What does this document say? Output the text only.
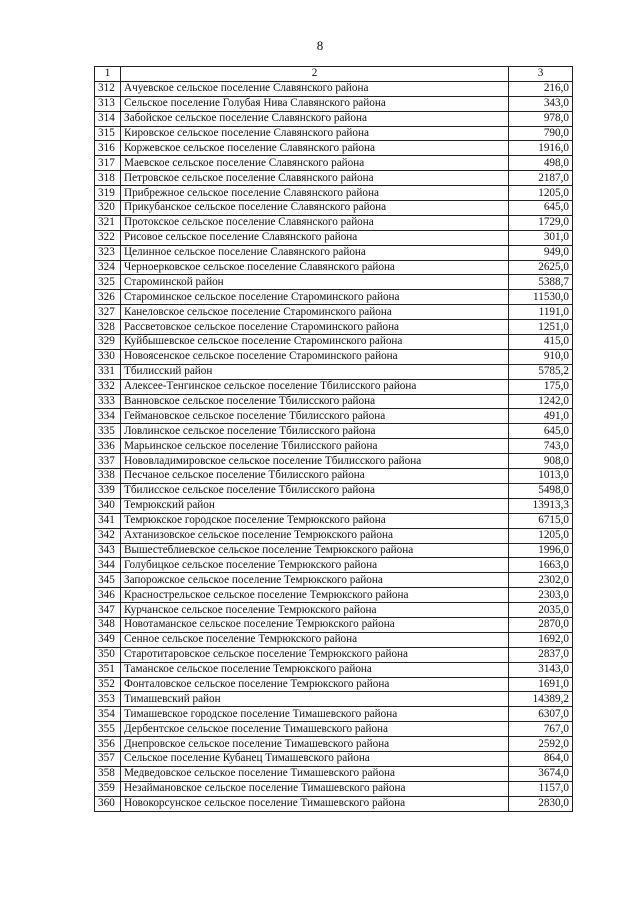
8
1	2	3
312	Ачуевское сельское поселение Славянского района	216,0
313	Сельское поселение Голубая Нива Славянского района	343,0
314	Забойское сельское поселение Славянского района	978,0
315	Кировское сельское поселение Славянского района	790,0
316	Коржевское сельское поселение Славянского района	1916,0
317	Маевское сельское поселение Славянского района	498,0
318	Петровское сельское поселение Славянского района	2187,0
319	Прибрежное сельское поселение Славянского района	1205,0
320	Прикубанское сельское поселение Славянского района	645,0
321	Протокское сельское поселение Славянского района	1729,0
322	Рисовое сельское поселение Славянского района	301,0
323	Целинное сельское поселение Славянского района	949,0
324	Черноерковское сельское поселение Славянского района	2625,0
325	Староминской район	5388,7
326	Староминское сельское поселение Староминского района	11530,0
327	Канеловское сельское поселение Староминского района	1191,0
328	Рассветовское сельское поселение Староминского района	1251,0
329	Куйбышевское сельское поселение Староминского района	415,0
330	Новоясенское сельское поселение Староминского района	910,0
331	Тбилисский район	5785,2
332	Алексее-Тенгинское сельское поселение Тбилисского района	175,0
333	Ванновское сельское поселение Тбилисского района	1242,0
334	Геймановское сельское поселение Тбилисского района	491,0
335	Ловлинское сельское поселение Тбилисского района	645,0
336	Марьинское сельское поселение Тбилисского района	743,0
337	Нововладимировское сельское поселение Тбилисского района	908,0
338	Песчаное сельское поселение Тбилисского района	1013,0
339	Тбилисское сельское поселение Тбилисского района	5498,0
340	Темрюкский район	13913,3
341	Темрюкское городское поселение Темрюкского района	6715,0
342	Ахтанизовское сельское поселение Темрюкского района	1205,0
343	Вышестеблиевское сельское поселение Темрюкского района	1996,0
344	Голубицкое сельское поселение Темрюкского района	1663,0
345	Запорожское сельское поселение Темрюкского района	2302,0
346	Краснострельское сельское поселение Темрюкского района	2303,0
347	Курчанское сельское поселение Темрюкского района	2035,0
348	Новотаманское сельское поселение Темрюкского района	2870,0
349	Сенное сельское поселение Темрюкского района	1692,0
350	Старотитаровское сельское поселение Темрюкского района	2837,0
351	Таманское сельское поселение Темрюкского района	3143,0
352	Фонталовское сельское поселение Темрюкского района	1691,0
353	Тимашевский район	14389,2
354	Тимашевское городское поселение Тимашевского района	6307,0
355	Дербентское сельское поселение Тимашевского района	767,0
356	Днепровское сельское поселение Тимашевского района	2592,0
357	Сельское поселение Кубанец Тимашевского района	864,0
358	Медведовское сельское поселение Тимашевского района	3674,0
359	Незаймановское сельское поселение Тимашевского района	1157,0
360	Новокорсунское сельское поселение Тимашевского района	2830,0
